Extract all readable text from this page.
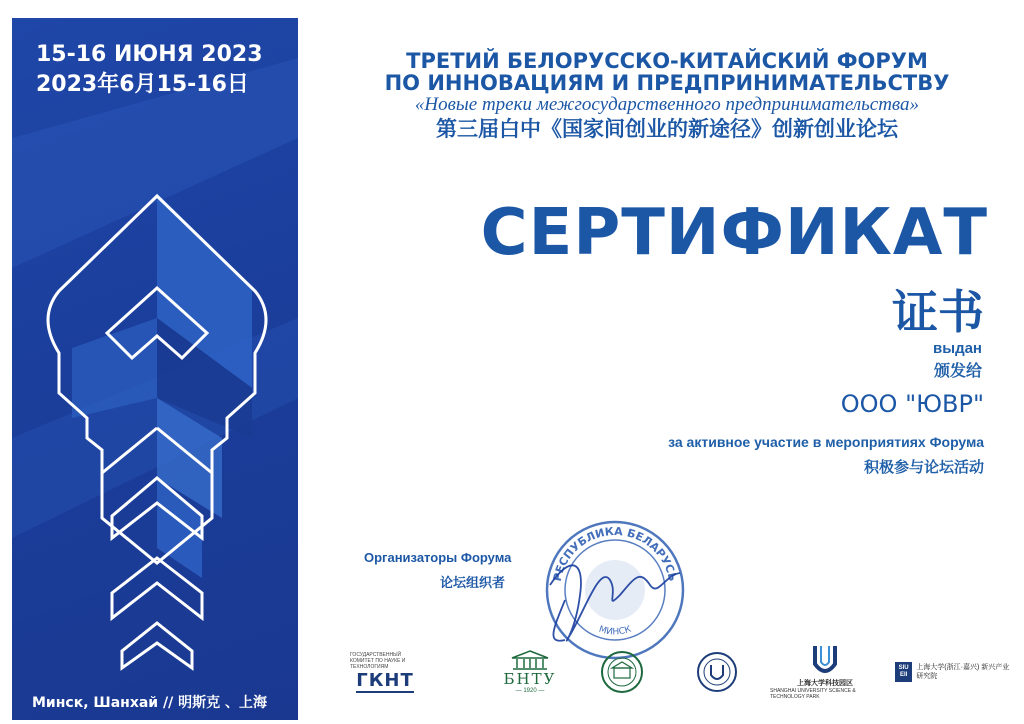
15-16 ИЮНЯ 2023
2023年6月15-16日
Минск, Шанхай // 明斯克 、上海
ТРЕТИЙ БЕЛОРУССКО-КИТАЙСКИЙ ФОРУМ
ПО ИННОВАЦИЯМ И ПРЕДПРИНИМАТЕЛЬСТВУ
«Новые треки межгосударственного предпринимательства»
第三届白中《国家间创业的新途径》创新创业论坛
СЕРТИФИКАТ
证书
выдан
颁发给
ООО "ЮВР"
за активное участие в мероприятиях Форума
积极参与论坛活动
Организаторы Форума
论坛组织者	РЕСПУБЛИКА БЕЛАРУСЬ
МИНСК
ГОСУДАРСТВЕННЫЙ КОМИТЕТ ПО НАУКЕ И ТЕХНОЛОГИЯМ
ГКНТ	БНТУ
— 1920 —
上海大学科技园区
SHANGHAI UNIVERSITY SCIENCE & TECHNOLOGY PARK
SIU EII
上海大学(浙江·嘉兴) 新兴产业研究院
